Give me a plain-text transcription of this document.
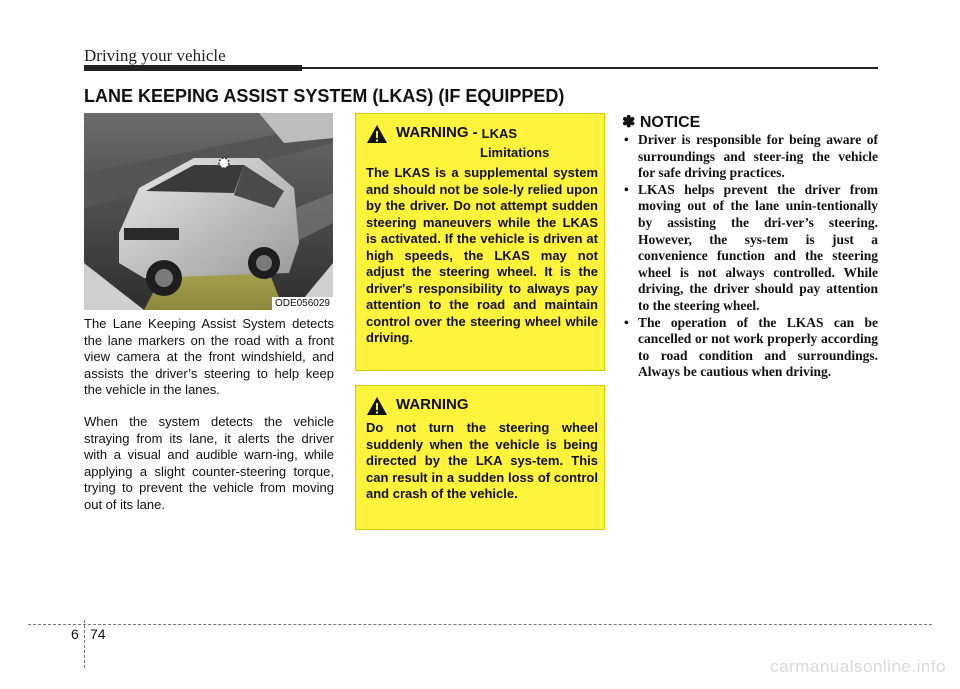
Driving your vehicle
LANE KEEPING ASSIST SYSTEM (LKAS) (IF EQUIPPED)
ODE056029

The Lane Keeping Assist System detects the lane markers on the road with a front view camera at the front windshield, and assists the driver’s steering to help keep the vehicle in the lanes.

When the system detects the vehicle straying from its lane, it alerts the driver with a visual and audible warn-ing, while applying a slight counter-steering torque, trying to prevent the vehicle from moving out of its lane.

WARNING - LKAS
Limitations

The LKAS is a supplemental system and should not be sole-ly relied upon by the driver. Do not attempt sudden steering maneuvers while the LKAS is activated. If the vehicle is driven at high speeds, the LKAS may not adjust the steering wheel. It is the driver's responsibility to always pay attention to the road and maintain control over the steering wheel while driving.

WARNING

Do not turn the steering wheel suddenly when the vehicle is being directed by the LKA sys-tem. This can result in a sudden loss of control and crash of the vehicle.

✽ NOTICE
• Driver is responsible for being aware of surroundings and steer-ing the vehicle for safe driving practices.
• LKAS helps prevent the driver from moving out of the lane unin-tentionally by assisting the dri-ver’s steering. However, the sys-tem is just a convenience function and the steering wheel is not always controlled. While driving, the driver should pay attention to the steering wheel.
• The operation of the LKAS can be cancelled or not work properly according to road condition and surroundings. Always be cautious when driving.
6 74
carmanualsonline.info
